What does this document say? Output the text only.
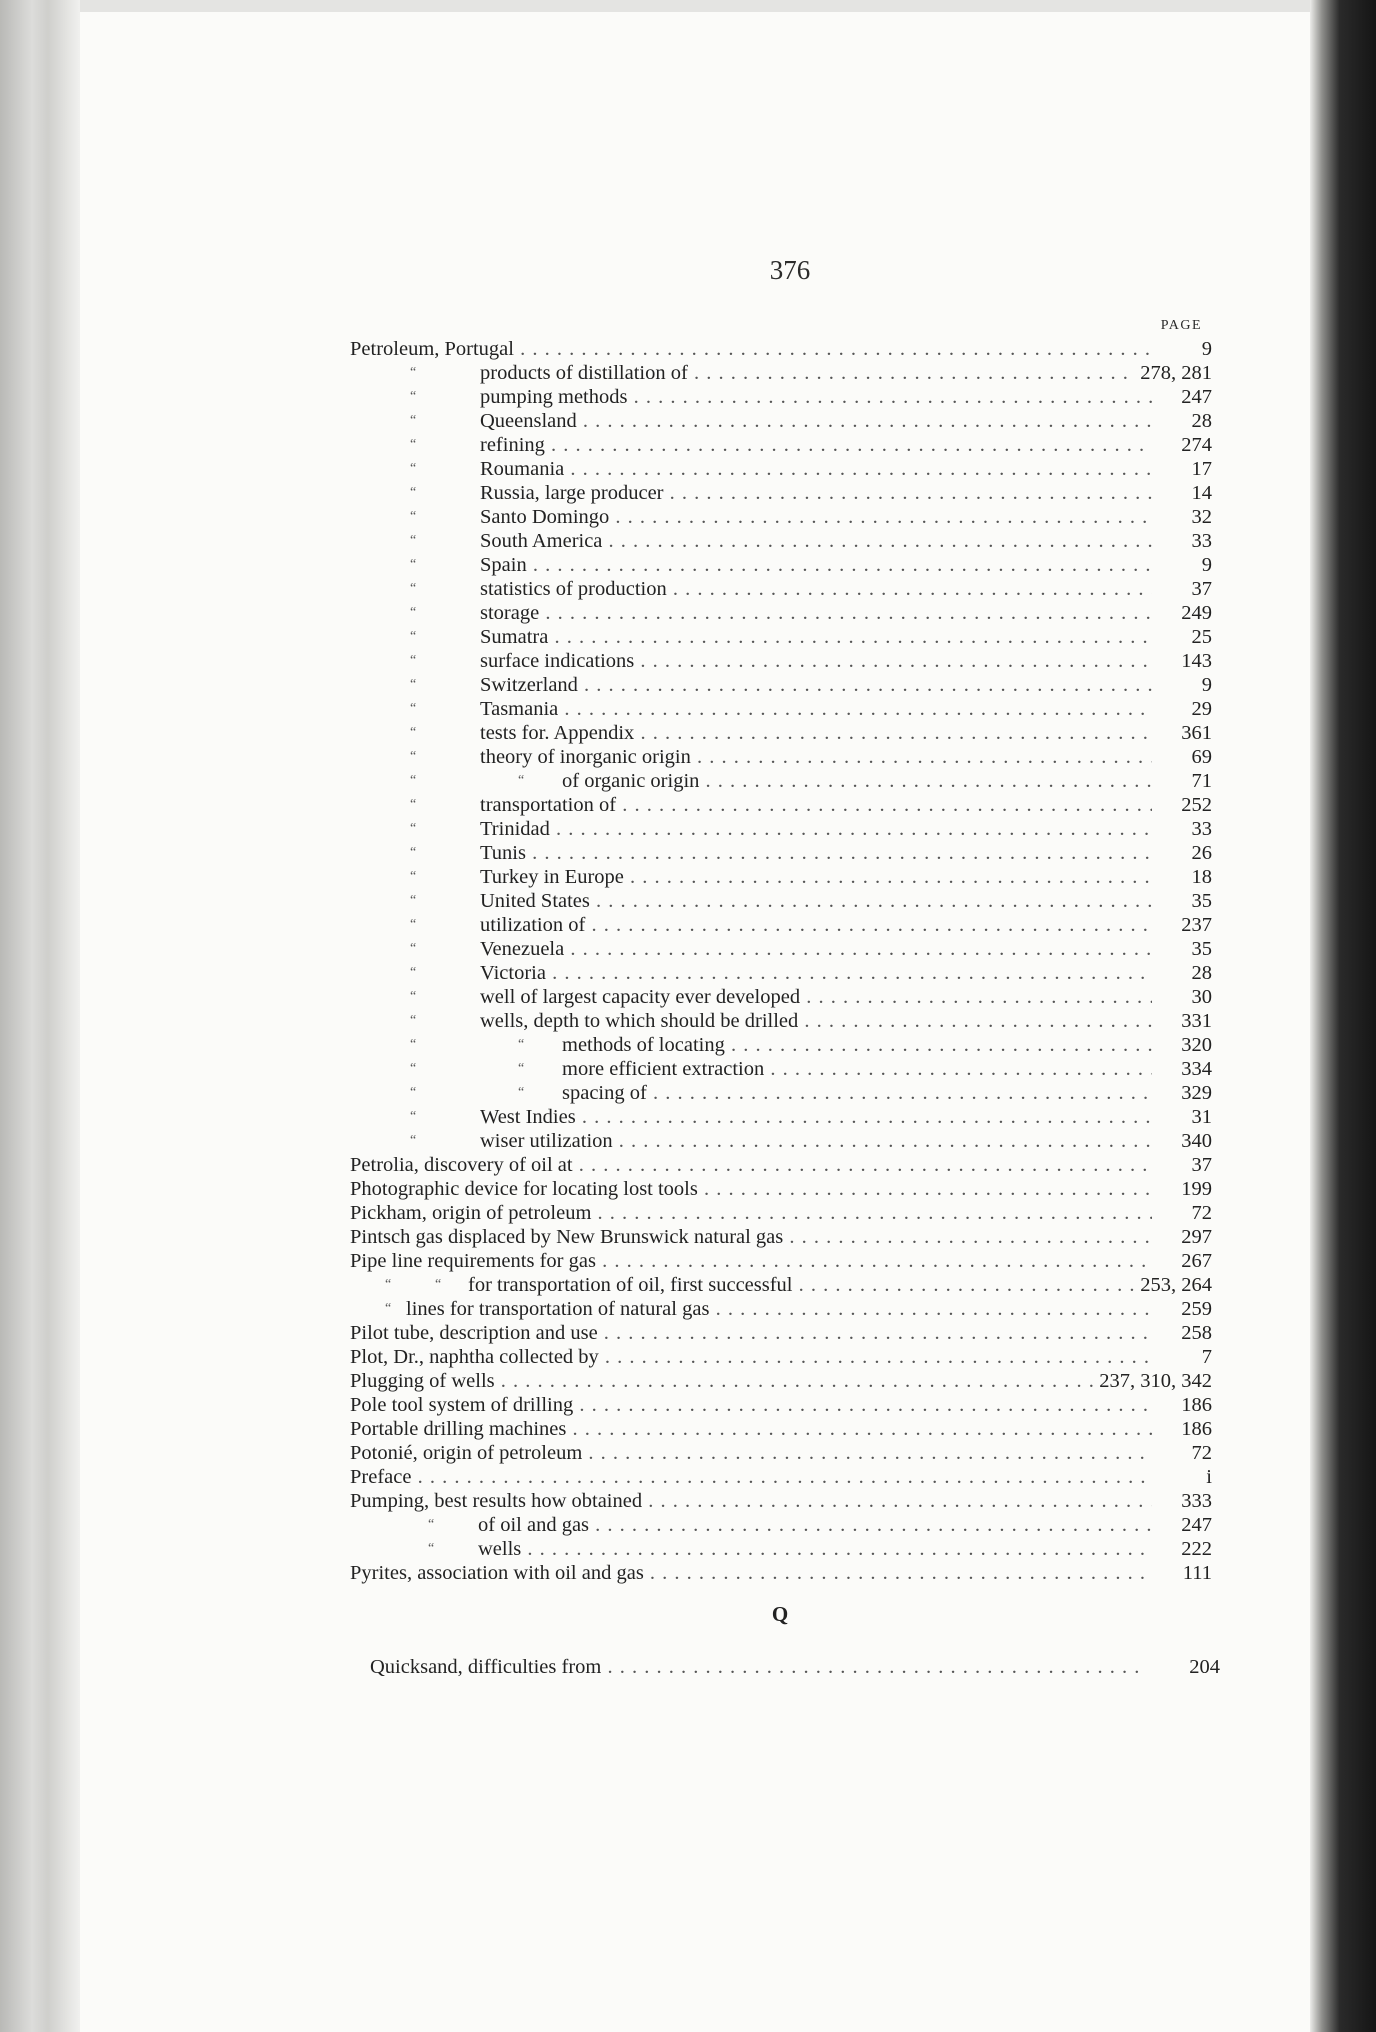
376
PAGE
Petroleum, Portugal . . .	9
“	products of distillation of . . .	278, 281
“	pumping methods . . .	247
“	Queensland . . .	28
“	refining . . .	274
“	Roumania . . .	17
“	Russia, large producer . . .	14
“	Santo Domingo . . .	32
“	South America . . .	33
“	Spain . . .	9
“	statistics of production . . .	37
“	storage . . .	249
“	Sumatra . . .	25
“	surface indications . . .	143
“	Switzerland . . .	9
“	Tasmania . . .	29
“	tests for. Appendix . . .	361
“	theory of inorganic origin . . .	69
“	“ of organic origin . . .	71
“	transportation of . . .	252
“	Trinidad . . .	33
“	Tunis . . .	26
“	Turkey in Europe . . .	18
“	United States . . .	35
“	utilization of . . .	237
“	Venezuela . . .	35
“	Victoria . . .	28
“	well of largest capacity ever developed . . .	30
“	wells, depth to which should be drilled . . .	331
“	“ methods of locating . . .	320
“	“ more efficient extraction . . .	334
“	“ spacing of . . .	329
“	West Indies . . .	31
“	wiser utilization . . .	340
Petrolia, discovery of oil at . . .	37
Photographic device for locating lost tools . . .	199
Pickham, origin of petroleum . . .	72
Pintsch gas displaced by New Brunswick natural gas . . .	297
Pipe line requirements for gas . . .	267
“	“ for transportation of oil, first successful . . .	253, 264
“ lines for transportation of natural gas . . .	259
Pilot tube, description and use . . .	258
Plot, Dr., naphtha collected by . . .	7
Plugging of wells . . .	237, 310, 342
Pole tool system of drilling . . .	186
Portable drilling machines . . .	186
Potonié, origin of petroleum . . .	72
Preface . . .	i
Pumping, best results how obtained . . .	333
“ of oil and gas . . .	247
“ wells . . .	222
Pyrites, association with oil and gas . . .	111
Q
Quicksand, difficulties from . . .	204
